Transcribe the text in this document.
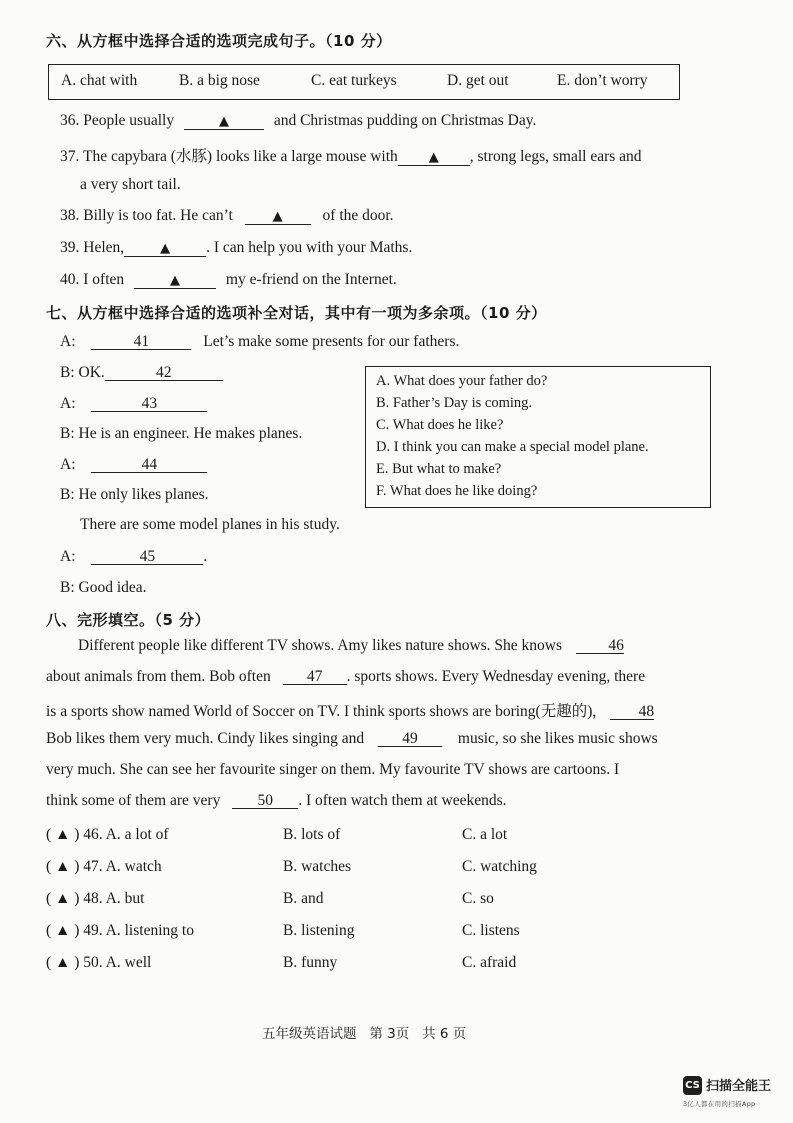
六、从方框中选择合适的选项完成句子。（10 分）
A. chat with	B. a big nose	C. eat turkeys	D. get out	E. don’t worry
36. People usually	▲	and Christmas pudding on Christmas Day.
37. The capybara (水豚) looks like a large mouse with ▲ , strong legs, small ears and
a very short tail.
38. Billy is too fat. He can’t	▲	of the door.
39. Helen,	▲ . I can help you with your Maths.
40. I often	▲	my e-friend on the Internet.
七、从方框中选择合适的选项补全对话，其中有一项为多余项。（10 分）
A:	41	Let’s make some presents for our fathers.
B: OK.	42
A:	43
B: He is an engineer. He makes planes.
A:	44
B: He only likes planes.
There are some model planes in his study.
A:	45	.
B: Good idea.
A. What does your father do?
B. Father’s Day is coming.
C. What does he like?
D. I think you can make a special model plane.
E. But what to make?
F. What does he like doing?
八、完形填空。（5 分）
Different people like different TV shows. Amy likes nature shows. She knows	46
about animals from them. Bob often 47 . sports shows. Every Wednesday evening, there
is a sports show named World of Soccer on TV. I think sports shows are boring(无趣的),	48
Bob likes them very much. Cindy likes singing and 49	music, so she likes music shows
very much. She can see her favourite singer on them. My favourite TV shows are cartoons. I
think some of them are very 50 . I often watch them at weekends.
( ▲ ) 46. A. a lot of	B. lots of	C. a lot
( ▲ ) 47. A. watch	B. watches	C. watching
( ▲ ) 48. A. but	B. and	C. so
( ▲ ) 49. A. listening to	B. listening	C. listens
( ▲ ) 50. A. well	B. funny	C. afraid
五年级英语试题   第 3页   共 6 页
CS 扫描全能王
3亿人都在用的扫描App
